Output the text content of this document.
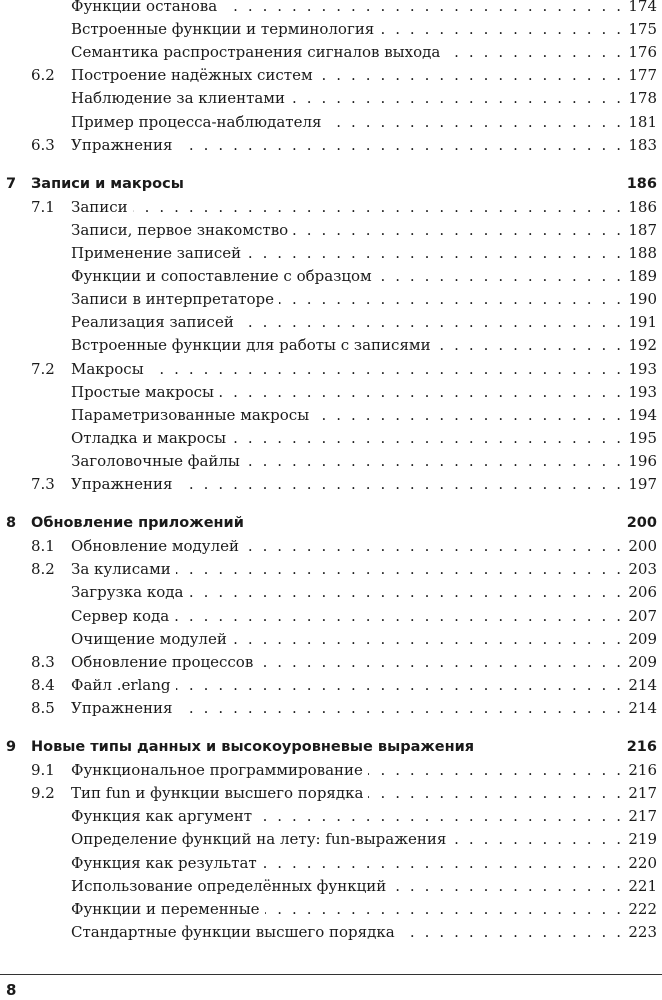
. . .
Функции останова	174
. . .
Встроенные функции и терминология	175
. . .
Семантика распространения сигналов выхода	176
6.2 . . . Построение надёжных систем	177
. . .
Наблюдение за клиентами	178
. . .
Пример процесса-наблюдателя	181
6.3 . . . Упражнения	183
7 Записи и макросы	186
7.1 . . . Записи	186
. . .
Записи, первое знакомство	187
. . .
Применение записей	188
. . .
Функции и сопоставление с образцом	189
. . .
Записи в интерпретаторе	190
. . .
Реализация записей	191
. . .
Встроенные функции для работы с записями	192
7.2 . . . Макросы	193
. . .
Простые макросы	193
. . .
Параметризованные макросы	194
. . .
Отладка и макросы	195
. . .
Заголовочные файлы	196
7.3 . . . Упражнения	197
8 Обновление приложений	200
8.1 . . . Обновление модулей	200
8.2 . . . За кулисами	203
. . .
Загрузка кода	206
. . .
Сервер кода	207
. . .
Очищение модулей	209
8.3 . . . Обновление процессов	209
8.4 . . . Файл .erlang	214
8.5 . . . Упражнения	214
9 Новые типы данных и высокоуровневые выражения	216
9.1 . . . Функциональное программирование	216
9.2 . . . Тип fun и функции высшего порядка	217
. . .
Функция как аргумент	217
. . .
Определение функций на лету: fun-выражения	219
. . .
Функция как результат	220
. . .
Использование определённых функций	221
. . .
Функции и переменные	222
. . .
Стандартные функции высшего порядка	223
8
